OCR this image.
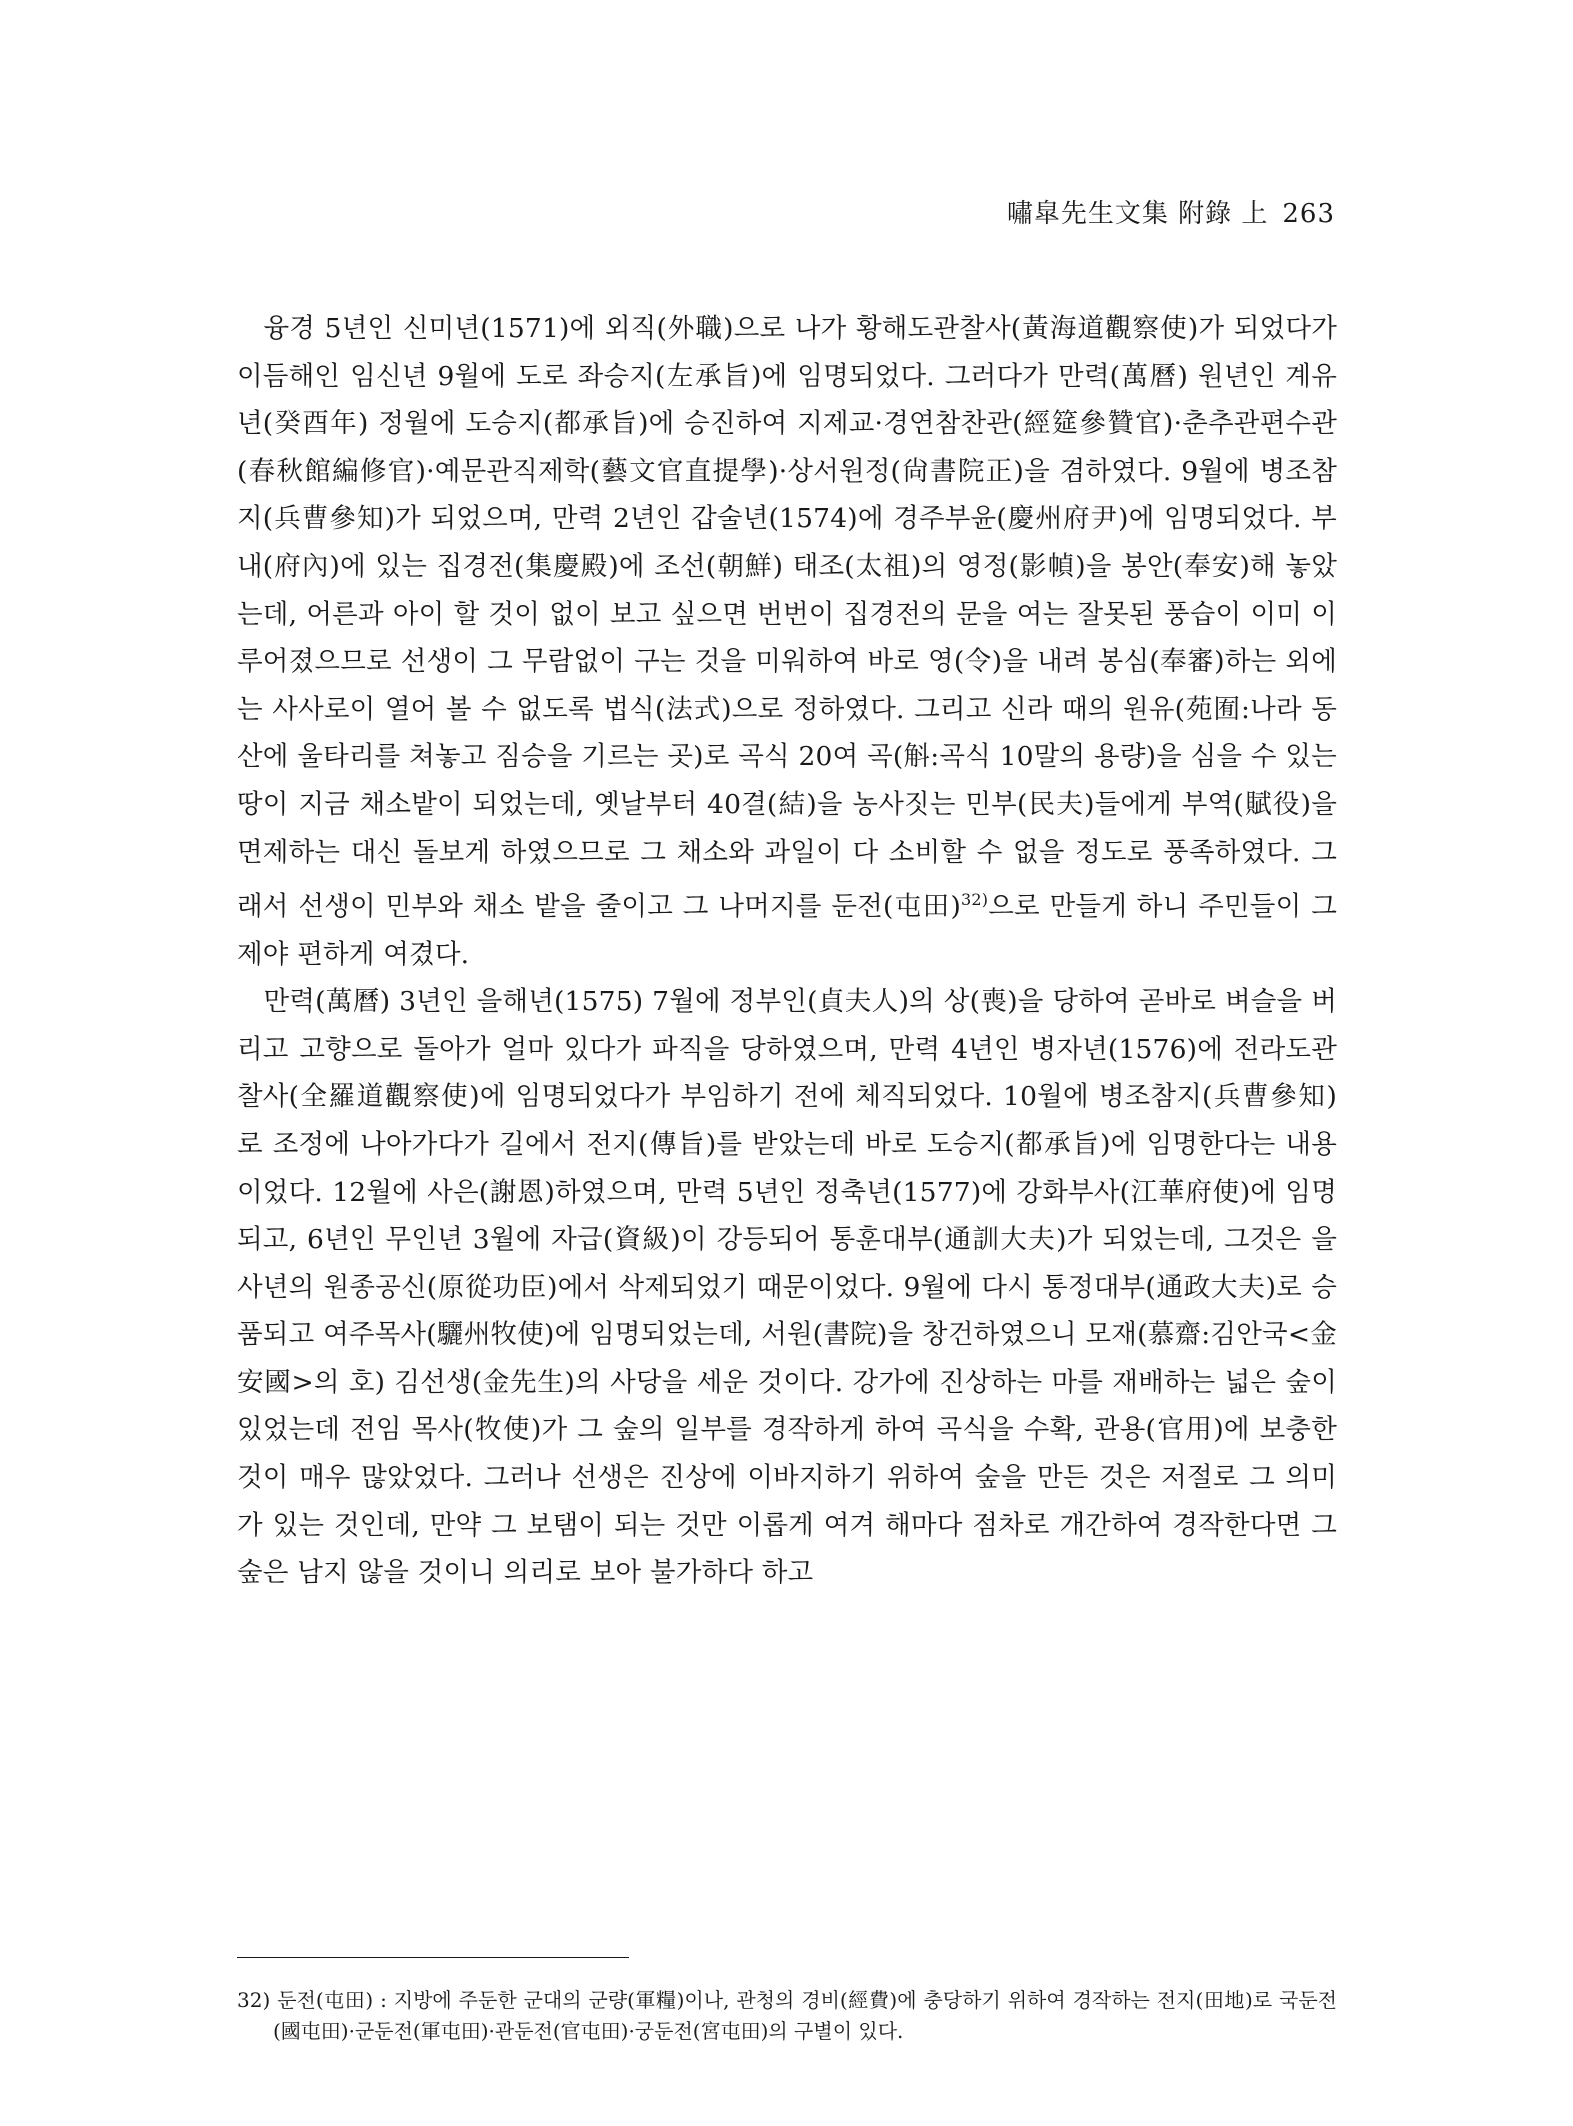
嘯皐先生文集 附錄 上 263

융경 5년인 신미년(1571)에 외직(外職)으로 나가 황해도관찰사(黃海道觀察使)가 되었다가 이듬해인 임신년 9월에 도로 좌승지(左承旨)에 임명되었다. 그러다가 만력(萬曆) 원년인 계유년(癸酉年) 정월에 도승지(都承旨)에 승진하여 지제교·경연참찬관(經筵參贊官)·춘추관편수관(春秋館編修官)·예문관직제학(藝文官直提學)·상서원정(尙書院正)을 겸하였다. 9월에 병조참지(兵曹參知)가 되었으며, 만력 2년인 갑술년(1574)에 경주부윤(慶州府尹)에 임명되었다. 부내(府內)에 있는 집경전(集慶殿)에 조선(朝鮮) 태조(太祖)의 영정(影幀)을 봉안(奉安)해 놓았는데, 어른과 아이 할 것이 없이 보고 싶으면 번번이 집경전의 문을 여는 잘못된 풍습이 이미 이루어졌으므로 선생이 그 무람없이 구는 것을 미워하여 바로 영(令)을 내려 봉심(奉審)하는 외에는 사사로이 열어 볼 수 없도록 법식(法式)으로 정하였다. 그리고 신라 때의 원유(苑囿:나라 동산에 울타리를 쳐놓고 짐승을 기르는 곳)로 곡식 20여 곡(斛:곡식 10말의 용량)을 심을 수 있는 땅이 지금 채소밭이 되었는데, 옛날부터 40결(結)을 농사짓는 민부(民夫)들에게 부역(賦役)을 면제하는 대신 돌보게 하였으므로 그 채소와 과일이 다 소비할 수 없을 정도로 풍족하였다. 그래서 선생이 민부와 채소 밭을 줄이고 그 나머지를 둔전(屯田)$^{32)}$으로 만들게 하니 주민들이 그제야 편하게 여겼다.

만력(萬曆) 3년인 을해년(1575) 7월에 정부인(貞夫人)의 상(喪)을 당하여 곧바로 벼슬을 버리고 고향으로 돌아가 얼마 있다가 파직을 당하였으며, 만력 4년인 병자년(1576)에 전라도관찰사(全羅道觀察使)에 임명되었다가 부임하기 전에 체직되었다. 10월에 병조참지(兵曹參知)로 조정에 나아가다가 길에서 전지(傳旨)를 받았는데 바로 도승지(都承旨)에 임명한다는 내용이었다. 12월에 사은(謝恩)하였으며, 만력 5년인 정축년(1577)에 강화부사(江華府使)에 임명되고, 6년인 무인년 3월에 자급(資級)이 강등되어 통훈대부(通訓大夫)가 되었는데, 그것은 을사년의 원종공신(原從功臣)에서 삭제되었기 때문이었다. 9월에 다시 통정대부(通政大夫)로 승품되고 여주목사(驪州牧使)에 임명되었는데, 서원(書院)을 창건하였으니 모재(慕齋:김안국<金安國>의 호) 김선생(金先生)의 사당을 세운 것이다. 강가에 진상하는 마를 재배하는 넓은 숲이 있었는데 전임 목사(牧使)가 그 숲의 일부를 경작하게 하여 곡식을 수확, 관용(官用)에 보충한 것이 매우 많았었다. 그러나 선생은 진상에 이바지하기 위하여 숲을 만든 것은 저절로 그 의미가 있는 것인데, 만약 그 보탬이 되는 것만 이롭게 여겨 해마다 점차로 개간하여 경작한다면 그 숲은 남지 않을 것이니 의리로 보아 불가하다 하고

32) 둔전(屯田) : 지방에 주둔한 군대의 군량(軍糧)이나, 관청의 경비(經費)에 충당하기 위하여 경작하는 전지(田地)로 국둔전(國屯田)·군둔전(軍屯田)·관둔전(官屯田)·궁둔전(宮屯田)의 구별이 있다.
